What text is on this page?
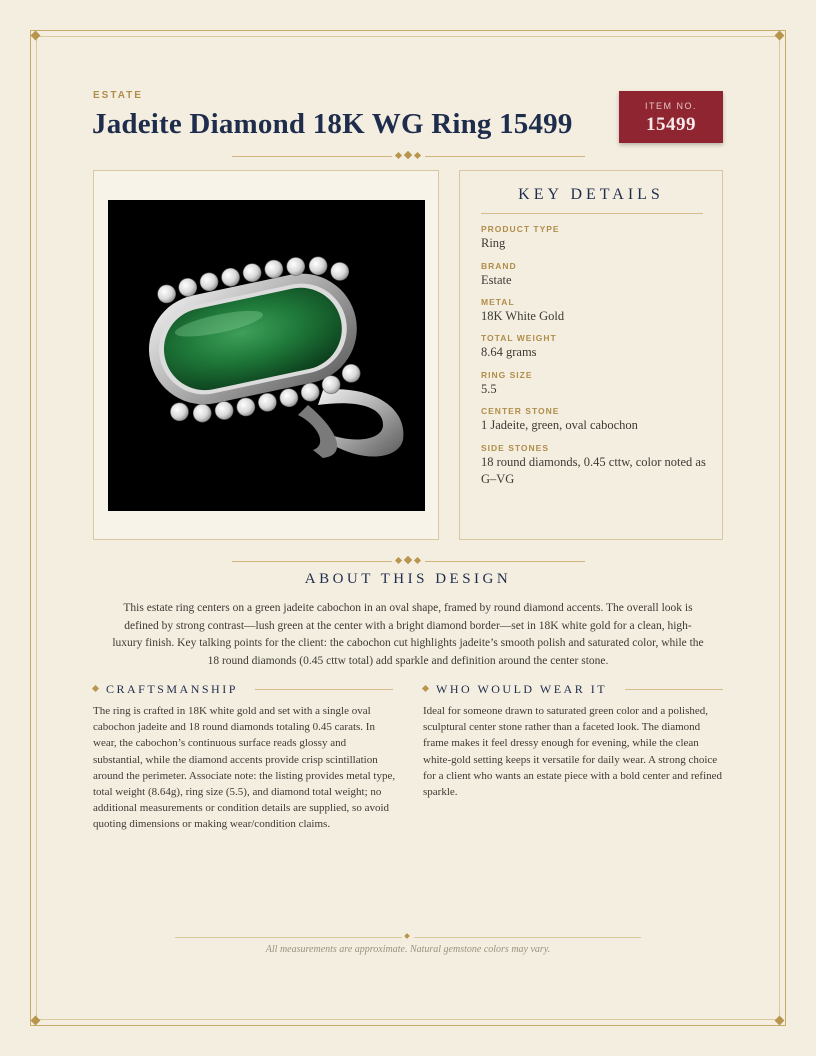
ESTATE
Jadeite Diamond 18K WG Ring 15499
ITEM NO.
15499
KEY DETAILS
PRODUCT TYPE
Ring
BRAND
Estate
METAL
18K White Gold
TOTAL WEIGHT
8.64 grams
RING SIZE
5.5
CENTER STONE
1 Jadeite, green, oval cabochon
SIDE STONES
18 round diamonds, 0.45 cttw, color noted as G–VG
ABOUT THIS DESIGN

This estate ring centers on a green jadeite cabochon in an oval shape, framed by round diamond accents. The overall look is defined by strong contrast—lush green at the center with a bright diamond border—set in 18K white gold for a clean, high-luxury finish. Key talking points for the client: the cabochon cut highlights jadeite’s smooth polish and saturated color, while the 18 round diamonds (0.45 cttw total) add sparkle and definition around the center stone.

CRAFTSMANSHIP

The ring is crafted in 18K white gold and set with a single oval cabochon jadeite and 18 round diamonds totaling 0.45 carats. In wear, the cabochon’s continuous surface reads glossy and substantial, while the diamond accents provide crisp scintillation around the perimeter. Associate note: the listing provides metal type, total weight (8.64g), ring size (5.5), and diamond total weight; no additional measurements or condition details are supplied, so avoid quoting dimensions or making wear/condition claims.

WHO WOULD WEAR IT

Ideal for someone drawn to saturated green color and a polished, sculptural center stone rather than a faceted look. The diamond frame makes it feel dressy enough for evening, while the clean white-gold setting keeps it versatile for daily wear. A strong choice for a client who wants an estate piece with a bold center and refined sparkle.

All measurements are approximate. Natural gemstone colors may vary.
